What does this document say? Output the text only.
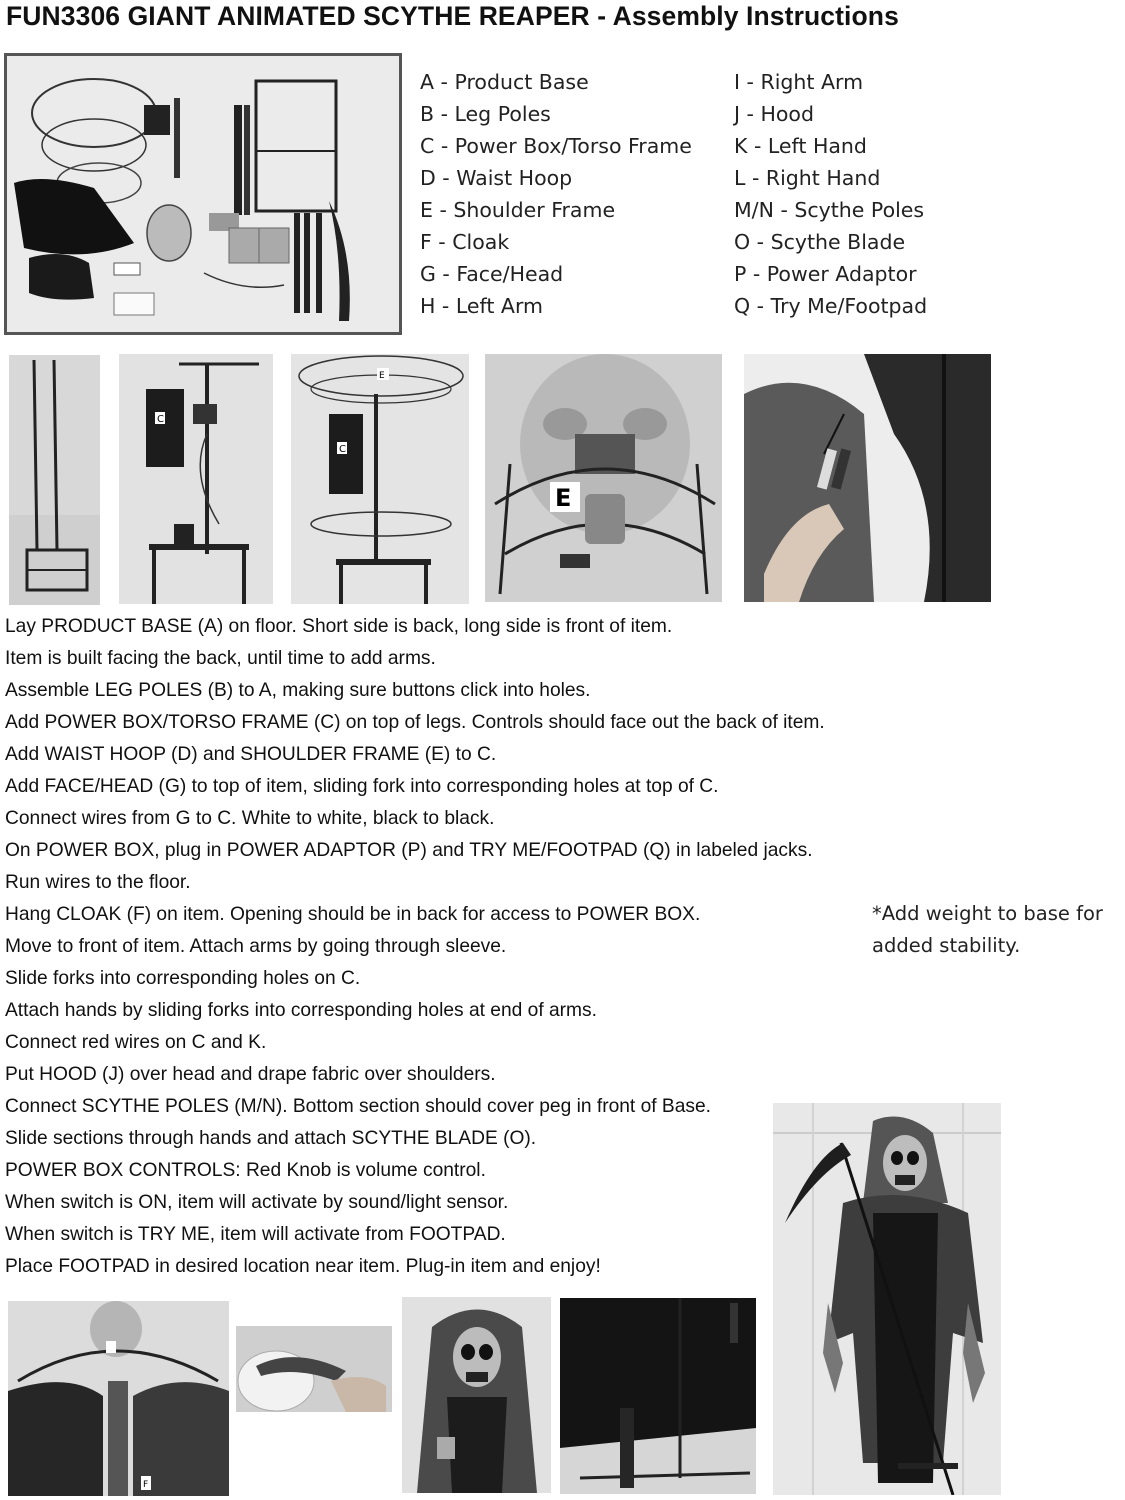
FUN3306 GIANT ANIMATED SCYTHE REAPER - Assembly Instructions
A - Product Base
B - Leg Poles
C - Power Box/Torso Frame
D - Waist Hoop
E - Shoulder Frame
F - Cloak
G - Face/Head
H - Left Arm
I - Right Arm
J - Hood
K - Left Hand
L - Right Hand
M/N - Scythe Poles
O - Scythe Blade
P - Power Adaptor
Q - Try Me/Footpad
C
E
C
E
Lay PRODUCT BASE (A) on floor. Short side is back, long side is front of item.
Item is built facing the back, until time to add arms.
Assemble LEG POLES (B) to A, making sure buttons click into holes.
Add POWER BOX/TORSO FRAME (C) on top of legs. Controls should face out the back of item.
Add WAIST HOOP (D) and SHOULDER FRAME (E) to C.
Add FACE/HEAD (G) to top of item, sliding fork into corresponding holes at top of C.
Connect wires from G to C. White to white, black to black.
On POWER BOX, plug in POWER ADAPTOR (P) and TRY ME/FOOTPAD (Q) in labeled jacks.
Run wires to the floor.
Hang CLOAK (F) on item. Opening should be in back for access to POWER BOX.
Move to front of item. Attach arms by going through sleeve.
Slide forks into corresponding holes on C.
Attach hands by sliding forks into corresponding holes at end of arms.
Connect red wires on C and K.
Put HOOD (J) over head and drape fabric over shoulders.
Connect SCYTHE POLES (M/N). Bottom section should cover peg in front of Base.
Slide sections through hands and attach SCYTHE BLADE (O).
POWER BOX CONTROLS: Red Knob is volume control.
When switch is ON, item will activate by sound/light sensor.
When switch is TRY ME, item will activate from FOOTPAD.
Place FOOTPAD in desired location near item. Plug-in item and enjoy!
*Add weight to base for added stability.
F
